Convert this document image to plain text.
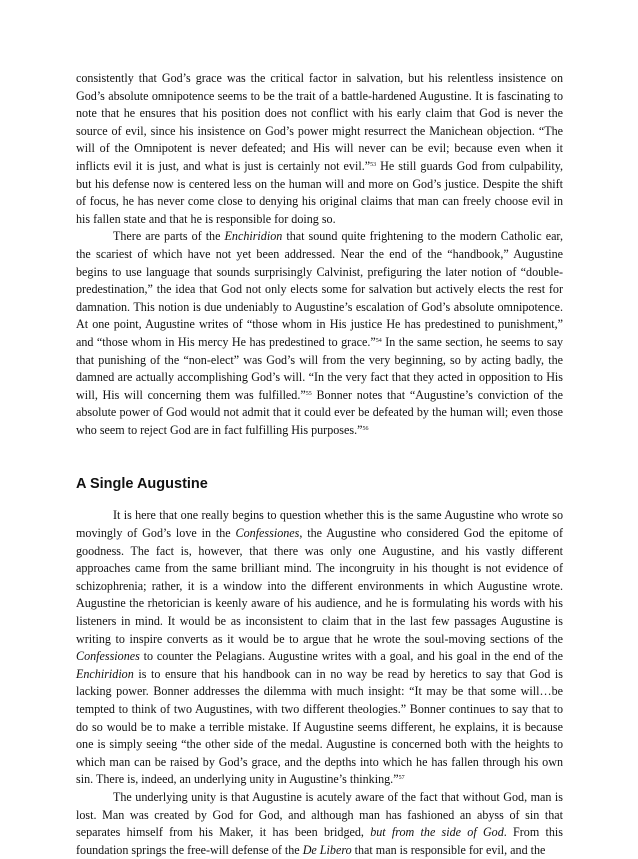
consistently that God’s grace was the critical factor in salvation, but his relentless insistence on God’s absolute omnipotence seems to be the trait of a battle-hardened Augustine. It is fascinating to note that he ensures that his position does not conflict with his early claim that God is never the source of evil, since his insistence on God’s power might resurrect the Manichean objection. “The will of the Omnipotent is never defeated; and His will never can be evil; because even when it inflicts evil it is just, and what is just is certainly not evil.”$^{53}$ He still guards God from culpability, but his defense now is centered less on the human will and more on God’s justice. Despite the shift of focus, he has never come close to denying his original claims that man can freely choose evil in his fallen state and that he is responsible for doing so.

There are parts of the Enchiridion that sound quite frightening to the modern Catholic ear, the scariest of which have not yet been addressed. Near the end of the “handbook,” Augustine begins to use language that sounds surprisingly Calvinist, prefiguring the later notion of “double-predestination,” the idea that God not only elects some for salvation but actively elects the rest for damnation. This notion is due undeniably to Augustine’s escalation of God’s absolute omnipotence. At one point, Augustine writes of “those whom in His justice He has predestined to punishment,” and “those whom in His mercy He has predestined to grace.”$^{54}$ In the same section, he seems to say that punishing of the “non-elect” was God’s will from the very beginning, so by acting badly, the damned are actually accomplishing God’s will. “In the very fact that they acted in opposition to His will, His will concerning them was fulfilled.”$^{55}$ Bonner notes that “Augustine’s conviction of the absolute power of God would not admit that it could ever be defeated by the human will; even those who seem to reject God are in fact fulfilling His purposes.”$^{56}$

A Single Augustine

It is here that one really begins to question whether this is the same Augustine who wrote so movingly of God’s love in the Confessiones, the Augustine who considered God the epitome of goodness. The fact is, however, that there was only one Augustine, and his vastly different approaches came from the same brilliant mind. The incongruity in his thought is not evidence of schizophrenia; rather, it is a window into the different environments in which Augustine wrote. Augustine the rhetorician is keenly aware of his audience, and he is formulating his words with his listeners in mind. It would be as inconsistent to claim that in the last few passages Augustine is writing to inspire converts as it would be to argue that he wrote the soul-moving sections of the Confessiones to counter the Pelagians. Augustine writes with a goal, and his goal in the end of the Enchiridion is to ensure that his handbook can in no way be read by heretics to say that God is lacking power. Bonner addresses the dilemma with much insight: “It may be that some will…be tempted to think of two Augustines, with two different theologies.” Bonner continues to say that to do so would be to make a terrible mistake. If Augustine seems different, he explains, it is because one is simply seeing “the other side of the medal. Augustine is concerned both with the heights to which man can be raised by God’s grace, and the depths into which he has fallen through his own sin. There is, indeed, an underlying unity in Augustine’s thinking.”$^{57}$

The underlying unity is that Augustine is acutely aware of the fact that without God, man is lost. Man was created by God for God, and although man has fashioned an abyss of sin that separates himself from his Maker, it has been bridged, but from the side of God. From this foundation springs the free-will defense of the De Libero that man is responsible for evil, and the
